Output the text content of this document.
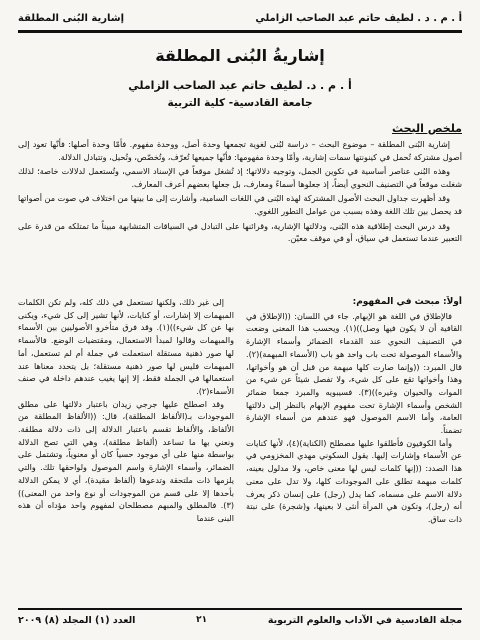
أ . م . د . لطيف حاتم عبد الصاحب الزاملي
إشارية البُنى المطلقة
إشاريةُ البُنى المطلقة
أ . م . د. لطيف حاتم عبد الصاحب الزاملي
جامعة القادسية- كلية التربية
ملخص البحث

إشارية البُنى المطلقة – موضوع البحث – دراسة لبُنى لغوية تجمعها وحدة أصل، ووحدة مفهوم. فأمّا وحدة أصلها: فأنّها تعود إلى أصول مشتركة تُحمل في كينونتها سمات إشارية، وأمّا وحدة مفهومها: فأنّها جميعها تُعرّف، وتُخصّص، وتُحيل، وتتبادل الدلالة.

وهذه البُنى عناصر أساسية في تكوين الجمل، وتوجيه دلالاتها؛ إذ تُشغل موقعاً في الإسناد الاسمي، وتُستعمل لدلالات خاصة؛ لذلك شغلت موقعاً في التصنيف النحوي أيضاً، إذ جعلوها أسماءً ومعارف، بل جعلها بعضهم أعرف المعارف.

وقد أظهرت جداول البحث الأصول المشتركة لهذه البُنى في اللغات السامية، وأشارت إلى ما بينها من اختلاف في صوت من أصواتها قد يحصل بين تلك اللغة وهذه بسبب من عوامل التطور اللغوي.

وقد درس البحث إطلاقية هذه البُنى، ودلالتها الإشارية، وقرائنها على التبادل في السياقات المتشابهة مبيناً ما تمتلكه من قدرة على التعبير عندما تستعمل في سياق، أو في موقف معيّن.

أولاً: مبحث في المفهوم:

فالإطلاق في اللغة هو الإبهام. جاء في اللسان: ((الإطلاق في القافية أن لا يكون فيها وصل))(١). ويحسب هذا المعنى وضعت في التصنيف النحوي عند القدماء الضمائر وأسماء الإشارة والأسماء الموصولة تحت باب واحد هو باب (الأسماء المبهمة)(٢). قال المبرد: ((وإنما صارت كلها مبهمة من قبل أن هو وأخواتها، وهذا وأخواتها تقع على كل شيء، ولا تفصل شيئاً عن شيء من الموات والحيوان وغيره))(٣). فسيبويه والمبرد جمعا ضمائر الشخص وأسماء الإشارة تحت مفهوم الإبهام بالنظر إلى دلالتها العامة، وأما الاسم الموصول فهو عندهم من أسماء الإشارة تضمناً.

وأما الكوفيون فأطلقوا عليها مصطلح (الكناية)(٤)، لأنها كنايات عن الأسماء وإشارات إليها. يقول السكوني مهدي المخزومي في هذا الصدد: ((إنها كلمات ليس لها معنى خاص، ولا مدلول بعينه، كلمات مبهمة تطلق على الموجودات كلها، ولا تدل على معنى دلالة الاسم على مسماه، كما يدل (رجل) على إنسان ذكر يعرف أنه (رجل)، وتكون هي المرأة أنثى لا بعينها، و(شجرة) على نبتة ذات ساق.

إلى غير ذلك، ولكنها تستعمل في ذلك كله، ولم تكن الكلمات المبهمات إلا إشارات، أو كنايات، لأنها تشير إلى كل شيء، ويكنى بها عن كل شيء))(١). وقد فرق متأخرو الأصوليين بين الأسماء والمبهمات وقالوا لمبدأ الاستعمال، ومقتضيات الوضع. فالأسماء لها صور ذهنية مستقلة استعملت في جملة أم لم تستعمل، أما المبهمات فليس لها صور ذهنية مستقلة؛ بل يتحدد معناها عند استعمالها في الجملة فقط، إلا إنها يغيب عندهم داخلة في صنف الأسماء(٢).

وقد اصطلح عليها جرجي زيدان باعتبار دلالتها على مطلق الموجودات بـ(الألفاظ المطلقة)، قال: ((الألفاظ المطلقة من الألفاظ، والألفاظ تقسم باعتبار الدلالة إلى ذات دلالة مطلقة. ونعني بها ما تساعد (ألفاظ مطلقة)، وهي التي تصح الدلالة بواسطة منها على أي موجود حسياً كان أو معنوياً، وتشتمل على الضمائر، وأسماء الإشارة واسم الموصول ولواحقها تلك. والتي يلزمها ذات ملتحقة وتدعوها (ألفاظ مقيدة)، أي لا يمكن الدلالة بأحدها إلا على قسم من الموجودات أو نوع واحد من المعنى))(٣). فالمطلق والمبهم مصطلحان لمفهوم واحد مؤداه أن هذه البنى عندما

مجلة القادسية في الآداب والعلوم التربوية
٢١
العدد (١) المجلد (٨) ٢٠٠٩
